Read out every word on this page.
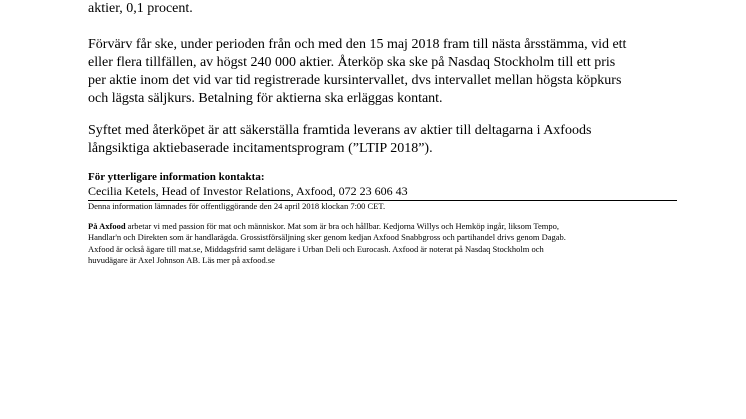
aktier, 0,1 procent.

Förvärv får ske, under perioden från och med den 15 maj 2018 fram till nästa årsstämma, vid ett
eller flera tillfällen, av högst 240 000 aktier. Återköp ska ske på Nasdaq Stockholm till ett pris
per aktie inom det vid var tid registrerade kursintervallet, dvs intervallet mellan högsta köpkurs
och lägsta säljkurs. Betalning för aktierna ska erläggas kontant.

Syftet med återköpet är att säkerställa framtida leverans av aktier till deltagarna i Axfoods
långsiktiga aktiebaserade incitamentsprogram (”LTIP 2018”).

För ytterligare information kontakta:
Cecilia Ketels, Head of Investor Relations, Axfood, 072 23 606 43
Denna information lämnades för offentliggörande den 24 april 2018 klockan 7:00 CET.
På Axfood arbetar vi med passion för mat och människor. Mat som är bra och hållbar. Kedjorna Willys och Hemköp ingår, liksom Tempo,
Handlar'n och Direkten som är handlarägda. Grossistförsäljning sker genom kedjan Axfood Snabbgross och partihandel drivs genom Dagab.
Axfood är också ägare till mat.se, Middagsfrid samt delägare i Urban Deli och Eurocash. Axfood är noterat på Nasdaq Stockholm och
huvudägare är Axel Johnson AB. Läs mer på axfood.se
